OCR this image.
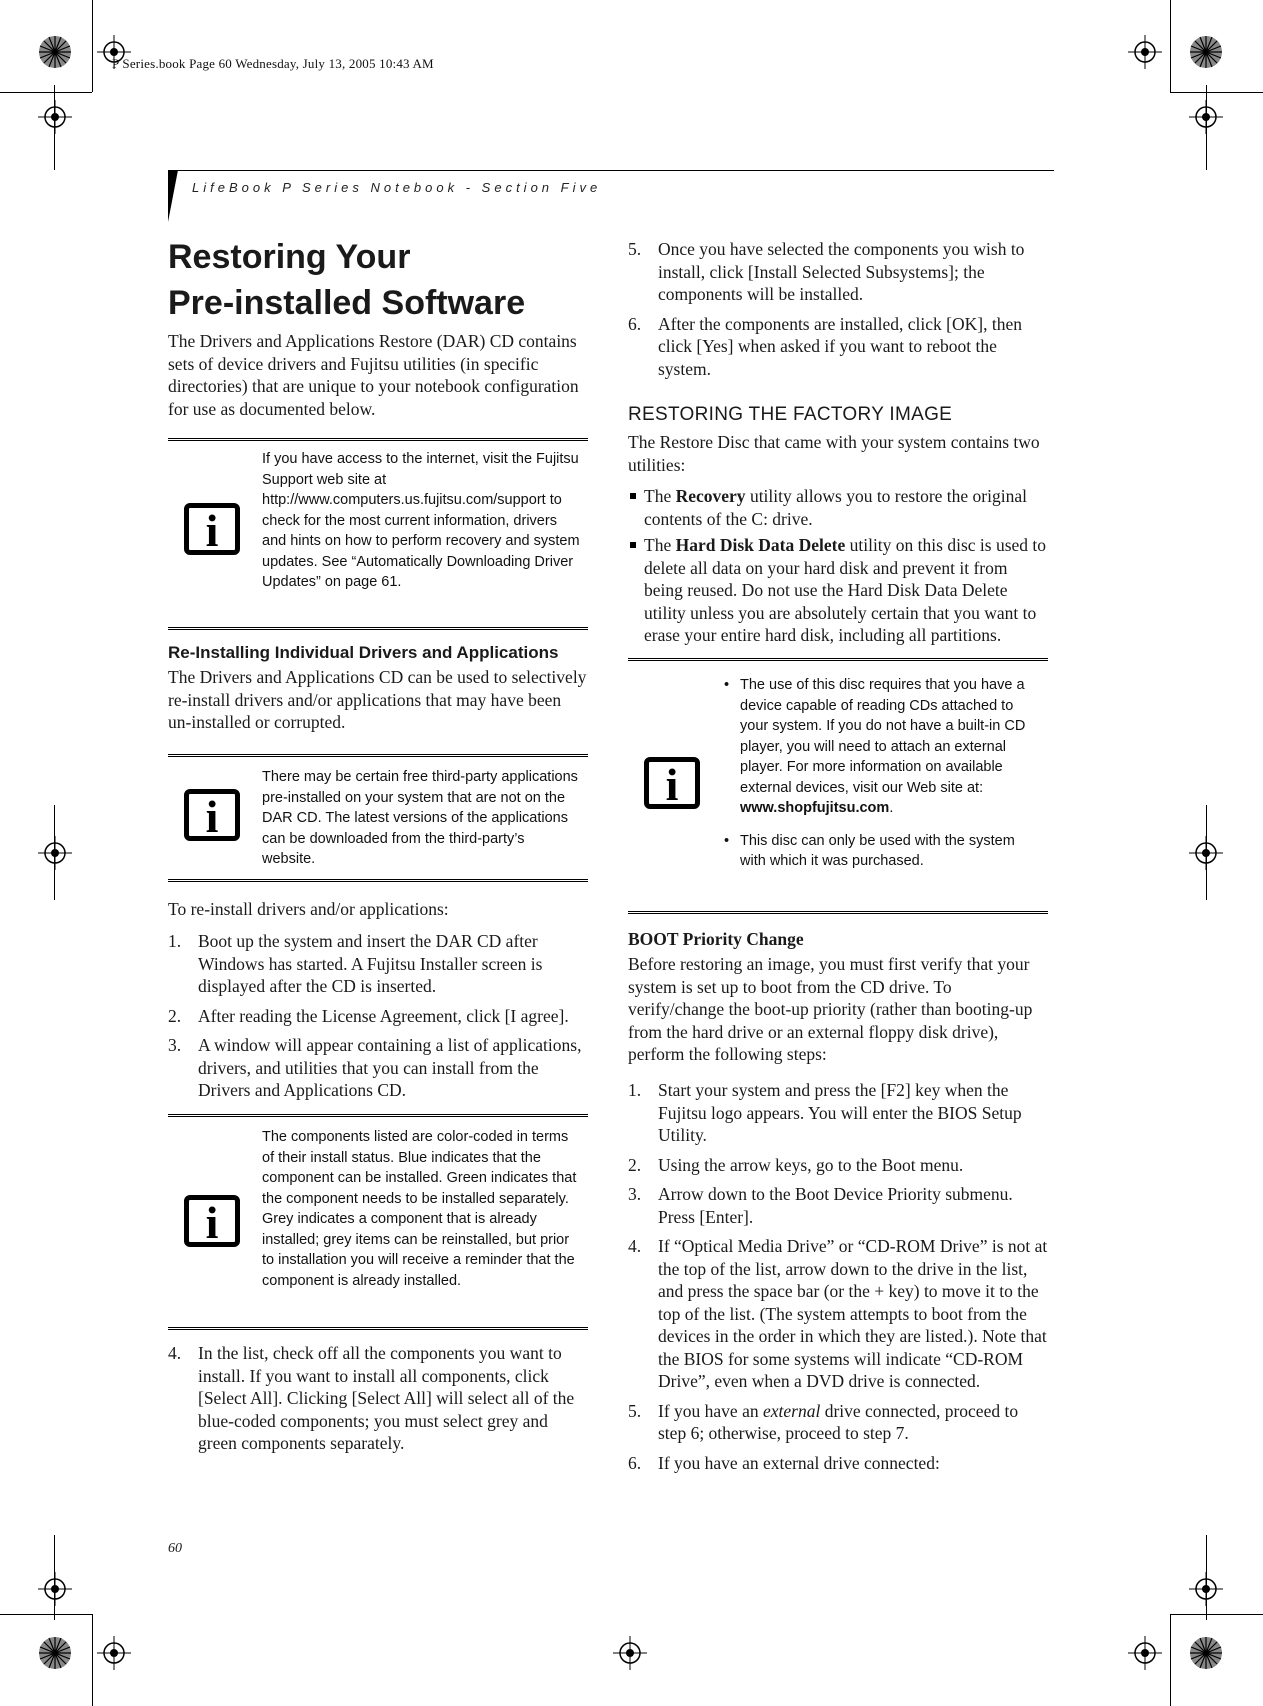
P Series.book Page 60 Wednesday, July 13, 2005 10:43 AM
LifeBook P Series Notebook - Section Five
Restoring Your
Pre-installed Software
The Drivers and Applications Restore (DAR) CD contains sets of device drivers and Fujitsu utilities (in specific directories) that are unique to your notebook configuration for use as documented below.
i
If you have access to the internet, visit the Fujitsu Support web site at http://www.computers.us.fujitsu.com/support to check for the most current information, drivers and hints on how to perform recovery and system updates. See “Automatically Downloading Driver Updates” on page 61.
Re-Installing Individual Drivers and Applications
The Drivers and Applications CD can be used to selectively re-install drivers and/or applications that may have been un-installed or corrupted.
i
There may be certain free third-party applications pre-installed on your system that are not on the DAR CD. The latest versions of the applications can be downloaded from the third-party’s website.
To re-install drivers and/or applications:
1. Boot up the system and insert the DAR CD after Windows has started. A Fujitsu Installer screen is displayed after the CD is inserted.
2. After reading the License Agreement, click [I agree].
3. A window will appear containing a list of applications, drivers, and utilities that you can install from the Drivers and Applications CD.
i
The components listed are color-coded in terms of their install status. Blue indicates that the component can be installed. Green indicates that the component needs to be installed separately. Grey indicates a component that is already installed; grey items can be reinstalled, but prior to installation you will receive a reminder that the component is already installed.
4. In the list, check off all the components you want to install. If you want to install all components, click [Select All]. Clicking [Select All] will select all of the blue-coded components; you must select grey and green components separately.
5. Once you have selected the components you wish to install, click [Install Selected Subsystems]; the components will be installed.
6. After the components are installed, click [OK], then click [Yes] when asked if you want to reboot the system.
RESTORING THE FACTORY IMAGE
The Restore Disc that came with your system contains two utilities:
The Recovery utility allows you to restore the original contents of the C: drive.
The Hard Disk Data Delete utility on this disc is used to delete all data on your hard disk and prevent it from being reused. Do not use the Hard Disk Data Delete utility unless you are absolutely certain that you want to erase your entire hard disk, including all partitions.
i
• The use of this disc requires that you have a device capable of reading CDs attached to your system. If you do not have a built-in CD player, you will need to attach an external player. For more information on available external devices, visit our Web site at: www.shopfujitsu.com.
• This disc can only be used with the system with which it was purchased.
BOOT Priority Change
Before restoring an image, you must first verify that your system is set up to boot from the CD drive. To verify/change the boot-up priority (rather than booting-up from the hard drive or an external floppy disk drive), perform the following steps:
1. Start your system and press the [F2] key when the Fujitsu logo appears. You will enter the BIOS Setup Utility.
2. Using the arrow keys, go to the Boot menu.
3. Arrow down to the Boot Device Priority submenu. Press [Enter].
4. If “Optical Media Drive” or “CD-ROM Drive” is not at the top of the list, arrow down to the drive in the list, and press the space bar (or the + key) to move it to the top of the list. (The system attempts to boot from the devices in the order in which they are listed.). Note that the BIOS for some systems will indicate “CD-ROM Drive”, even when a DVD drive is connected.
5. If you have an external drive connected, proceed to step 6; otherwise, proceed to step 7.
6. If you have an external drive connected:
60
